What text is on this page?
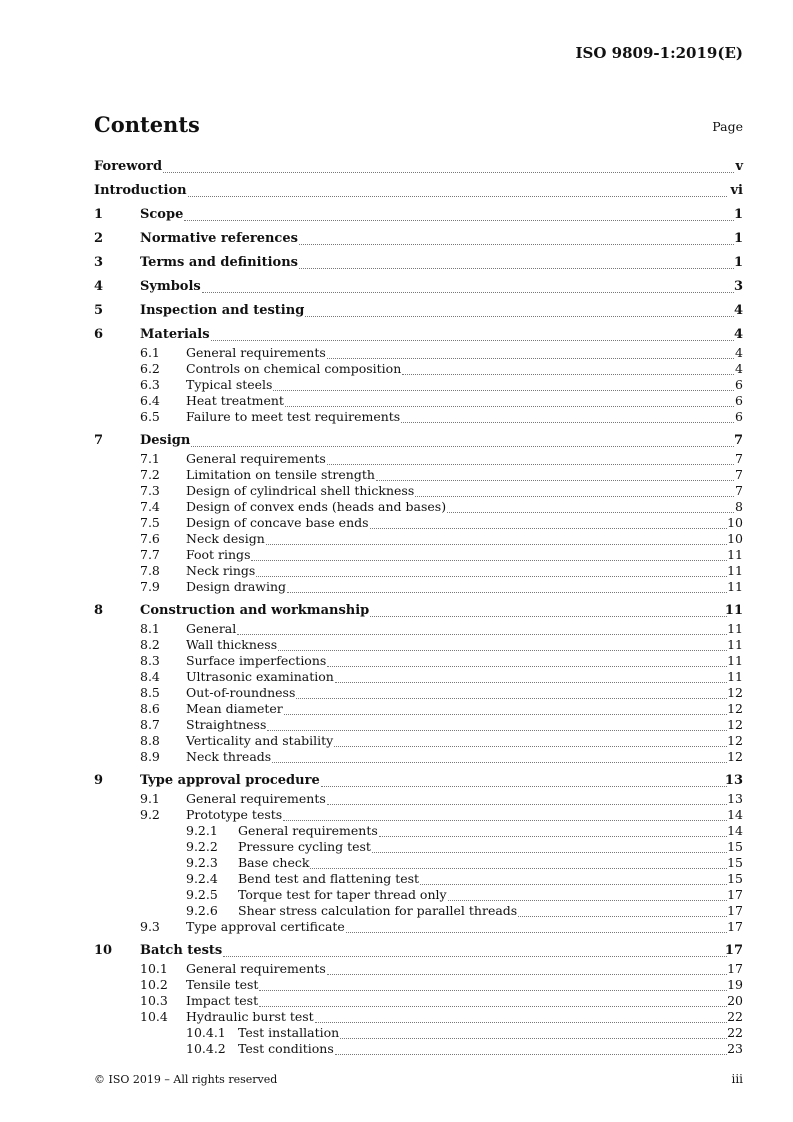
ISO 9809-1:2019(E)
Contents	Page
Foreword	v
Introduction	vi
1	Scope	1
2	Normative references	1
3	Terms and definitions	1
4	Symbols	3
5	Inspection and testing	4
6	Materials	4
6.1 General requirements	4
6.2 Controls on chemical composition	4
6.3 Typical steels	6
6.4 Heat treatment	6
6.5 Failure to meet test requirements	6
7	Design	7
7.1 General requirements	7
7.2 Limitation on tensile strength	7
7.3 Design of cylindrical shell thickness	7
7.4 Design of convex ends (heads and bases)	8
7.5 Design of concave base ends	10
7.6 Neck design	10
7.7 Foot rings	11
7.8 Neck rings	11
7.9 Design drawing	11
8	Construction and workmanship	11
8.1 General	11
8.2 Wall thickness	11
8.3 Surface imperfections	11
8.4 Ultrasonic examination	11
8.5 Out-of-roundness	12
8.6 Mean diameter	12
8.7 Straightness	12
8.8 Verticality and stability	12
8.9 Neck threads	12
9	Type approval procedure	13
9.1 General requirements	13
9.2 Prototype tests	14
9.2.1 General requirements	14
9.2.2 Pressure cycling test	15
9.2.3 Base check	15
9.2.4 Bend test and flattening test	15
9.2.5 Torque test for taper thread only	17
9.2.6 Shear stress calculation for parallel threads	17
9.3 Type approval certificate	17
10 Batch tests	17
10.1 General requirements	17
10.2 Tensile test	19
10.3 Impact test	20
10.4 Hydraulic burst test	22
10.4.1 Test installation	22
10.4.2 Test conditions	23
© ISO 2019 – All rights reserved	iii
